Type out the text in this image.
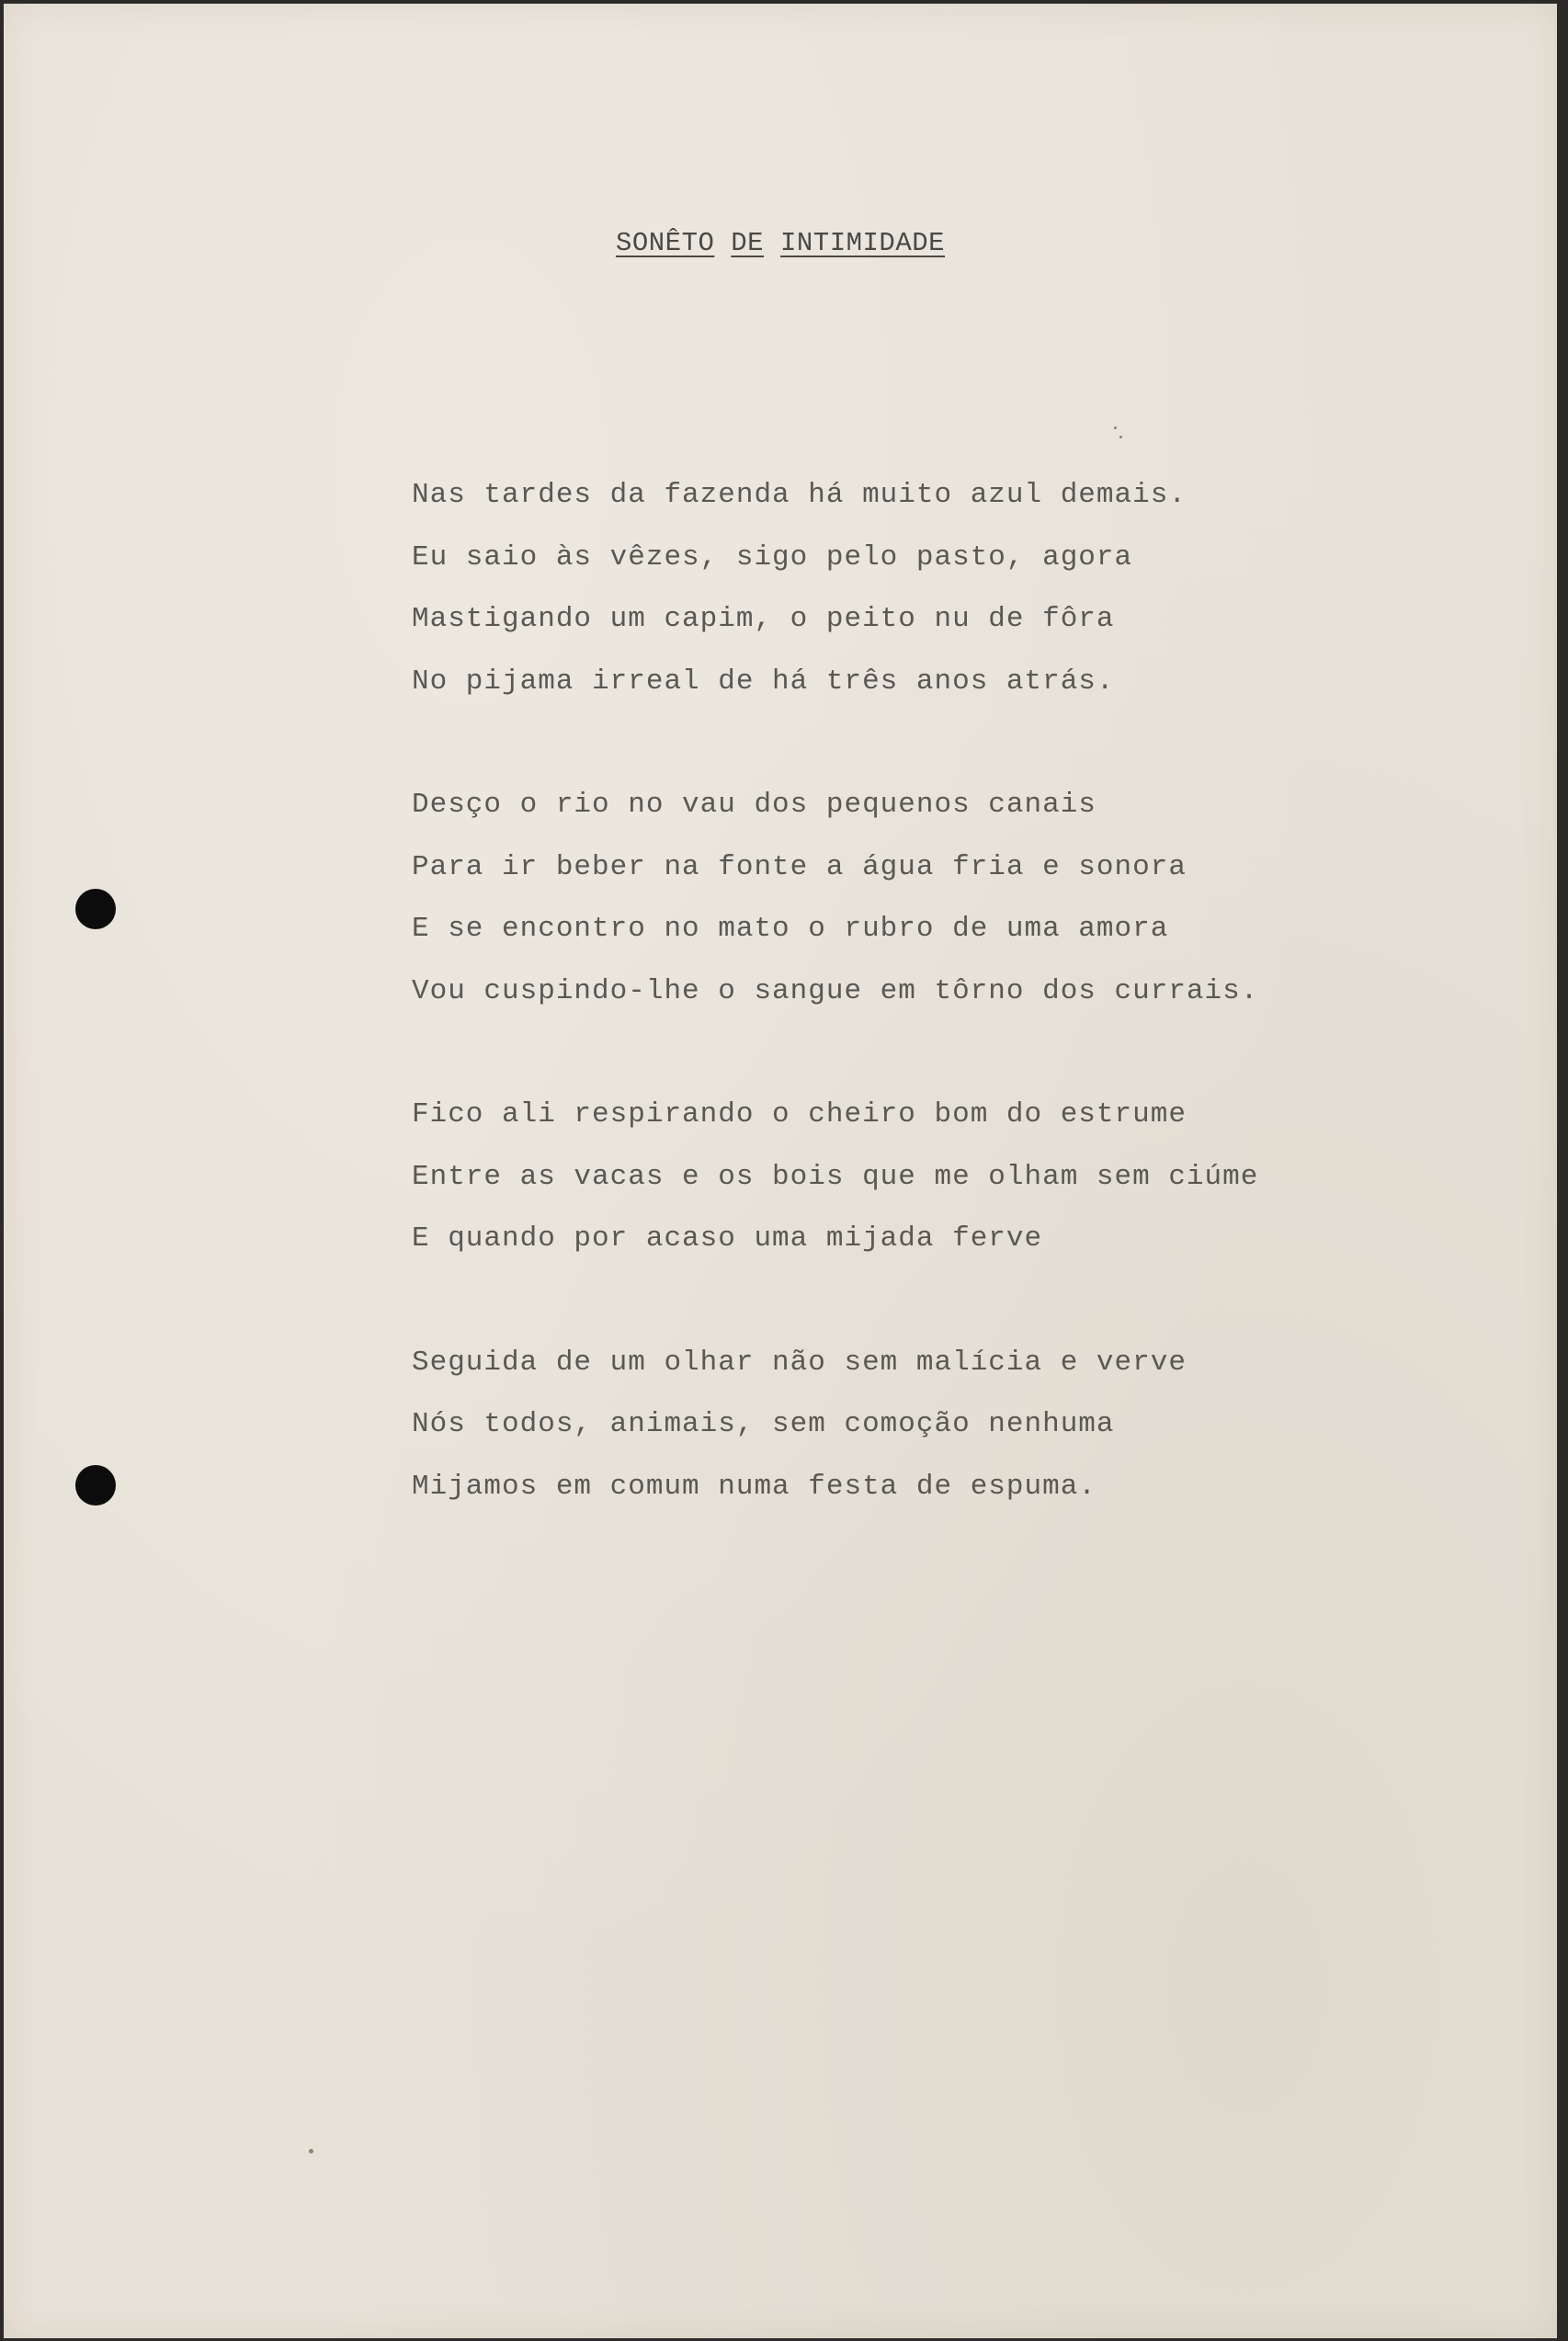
SONÊTO DE INTIMIDADE
Nas tardes da fazenda há muito azul demais.
Eu saio às vêzes, sigo pelo pasto, agora
Mastigando um capim, o peito nu de fôra
No pijama irreal de há três anos atrás.
Desço o rio no vau dos pequenos canais
Para ir beber na fonte a água fria e sonora
E se encontro no mato o rubro de uma amora
Vou cuspindo-lhe o sangue em tôrno dos currais.
Fico ali respirando o cheiro bom do estrume
Entre as vacas e os bois que me olham sem ciúme
E quando por acaso uma mijada ferve
Seguida de um olhar não sem malícia e verve
Nós todos, animais, sem comoção nenhuma
Mijamos em comum numa festa de espuma.
